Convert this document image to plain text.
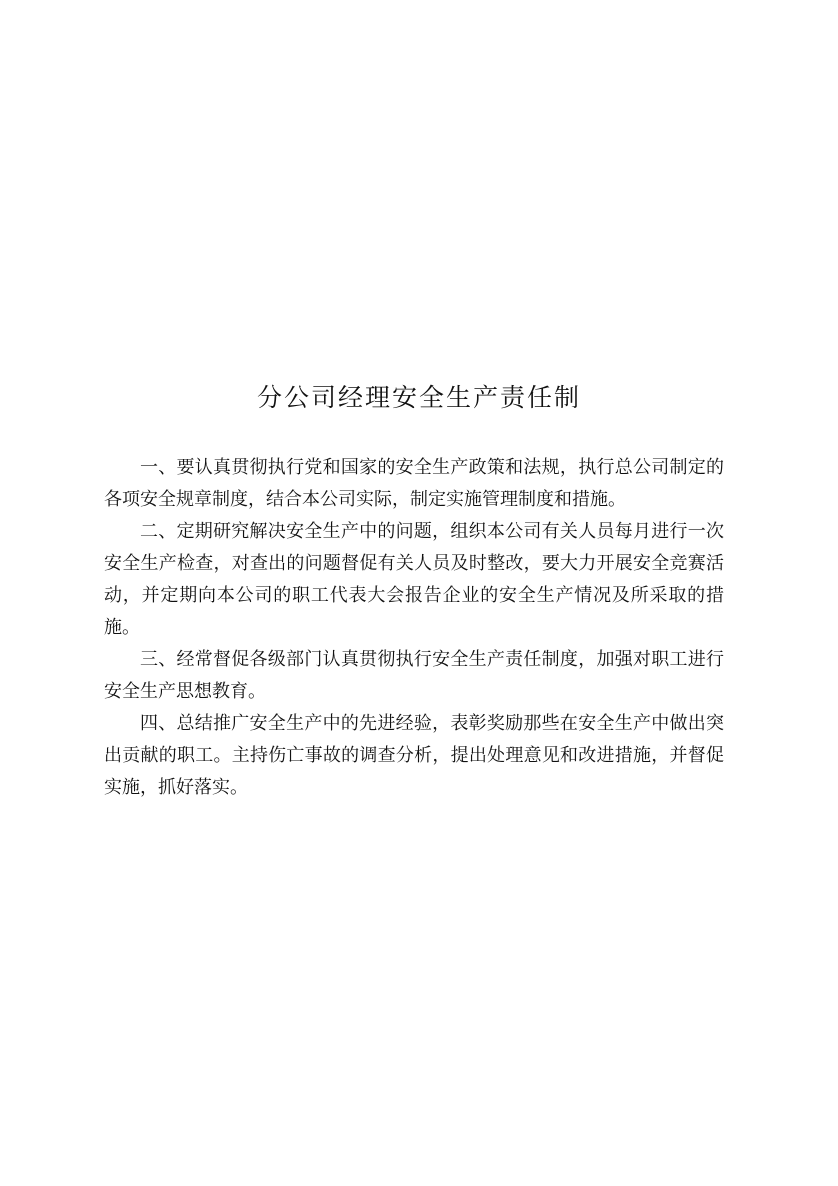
分公司经理安全生产责任制

一、要认真贯彻执行党和国家的安全生产政策和法规，执行总公司制定的各项安全规章制度，结合本公司实际，制定实施管理制度和措施。

二、定期研究解决安全生产中的问题，组织本公司有关人员每月进行一次安全生产检查，对查出的问题督促有关人员及时整改，要大力开展安全竞赛活动，并定期向本公司的职工代表大会报告企业的安全生产情况及所采取的措施。

三、经常督促各级部门认真贯彻执行安全生产责任制度，加强对职工进行安全生产思想教育。

四、总结推广安全生产中的先进经验，表彰奖励那些在安全生产中做出突出贡献的职工。主持伤亡事故的调查分析，提出处理意见和改进措施，并督促实施，抓好落实。
